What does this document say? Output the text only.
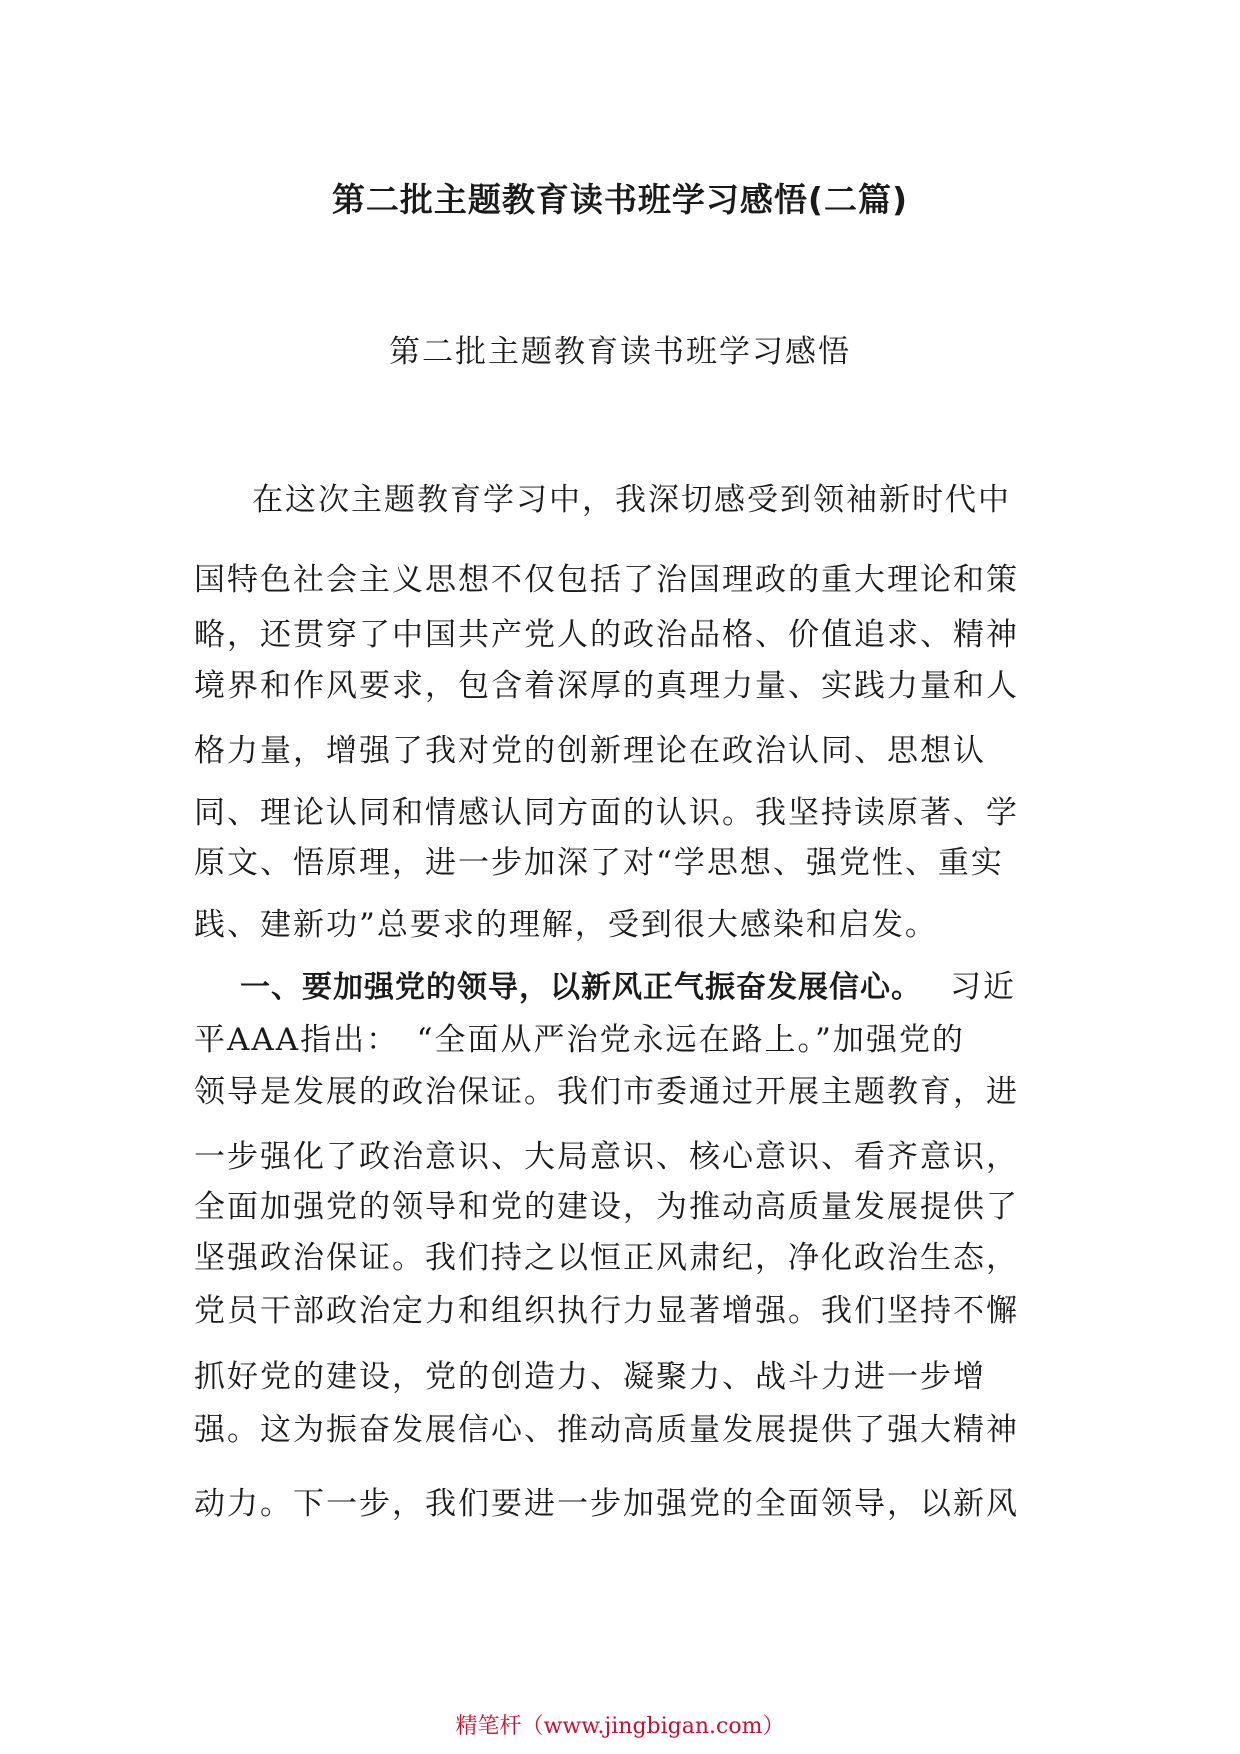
第二批主题教育读书班学习感悟(二篇)
第二批主题教育读书班学习感悟

在这次主题教育学习中，我深切感受到领袖新时代中

国特色社会主义思想不仅包括了治国理政的重大理论和策

略，还贯穿了中国共产党人的政治品格、价值追求、精神

境界和作风要求，包含着深厚的真理力量、实践力量和人

格力量，增强了我对党的创新理论在政治认同、思想认

同、理论认同和情感认同方面的认识。我坚持读原著、学

原文、悟原理，进一步加深了对“学思想、强党性、重实

践、建新功”总要求的理解，受到很大感染和启发。

一、要加强党的领导，以新风正气振奋发展信心。 习近

平AAA指出：　“全面从严治党永远在路上。”加强党的

领导是发展的政治保证。我们市委通过开展主题教育，进

一步强化了政治意识、大局意识、核心意识、看齐意识，

全面加强党的领导和党的建设，为推动高质量发展提供了

坚强政治保证。我们持之以恒正风肃纪，净化政治生态，

党员干部政治定力和组织执行力显著增强。我们坚持不懈

抓好党的建设，党的创造力、凝聚力、战斗力进一步增

强。这为振奋发展信心、推动高质量发展提供了强大精神

动力。下一步，我们要进一步加强党的全面领导，以新风

精笔杆（www.jingbigan.com）
